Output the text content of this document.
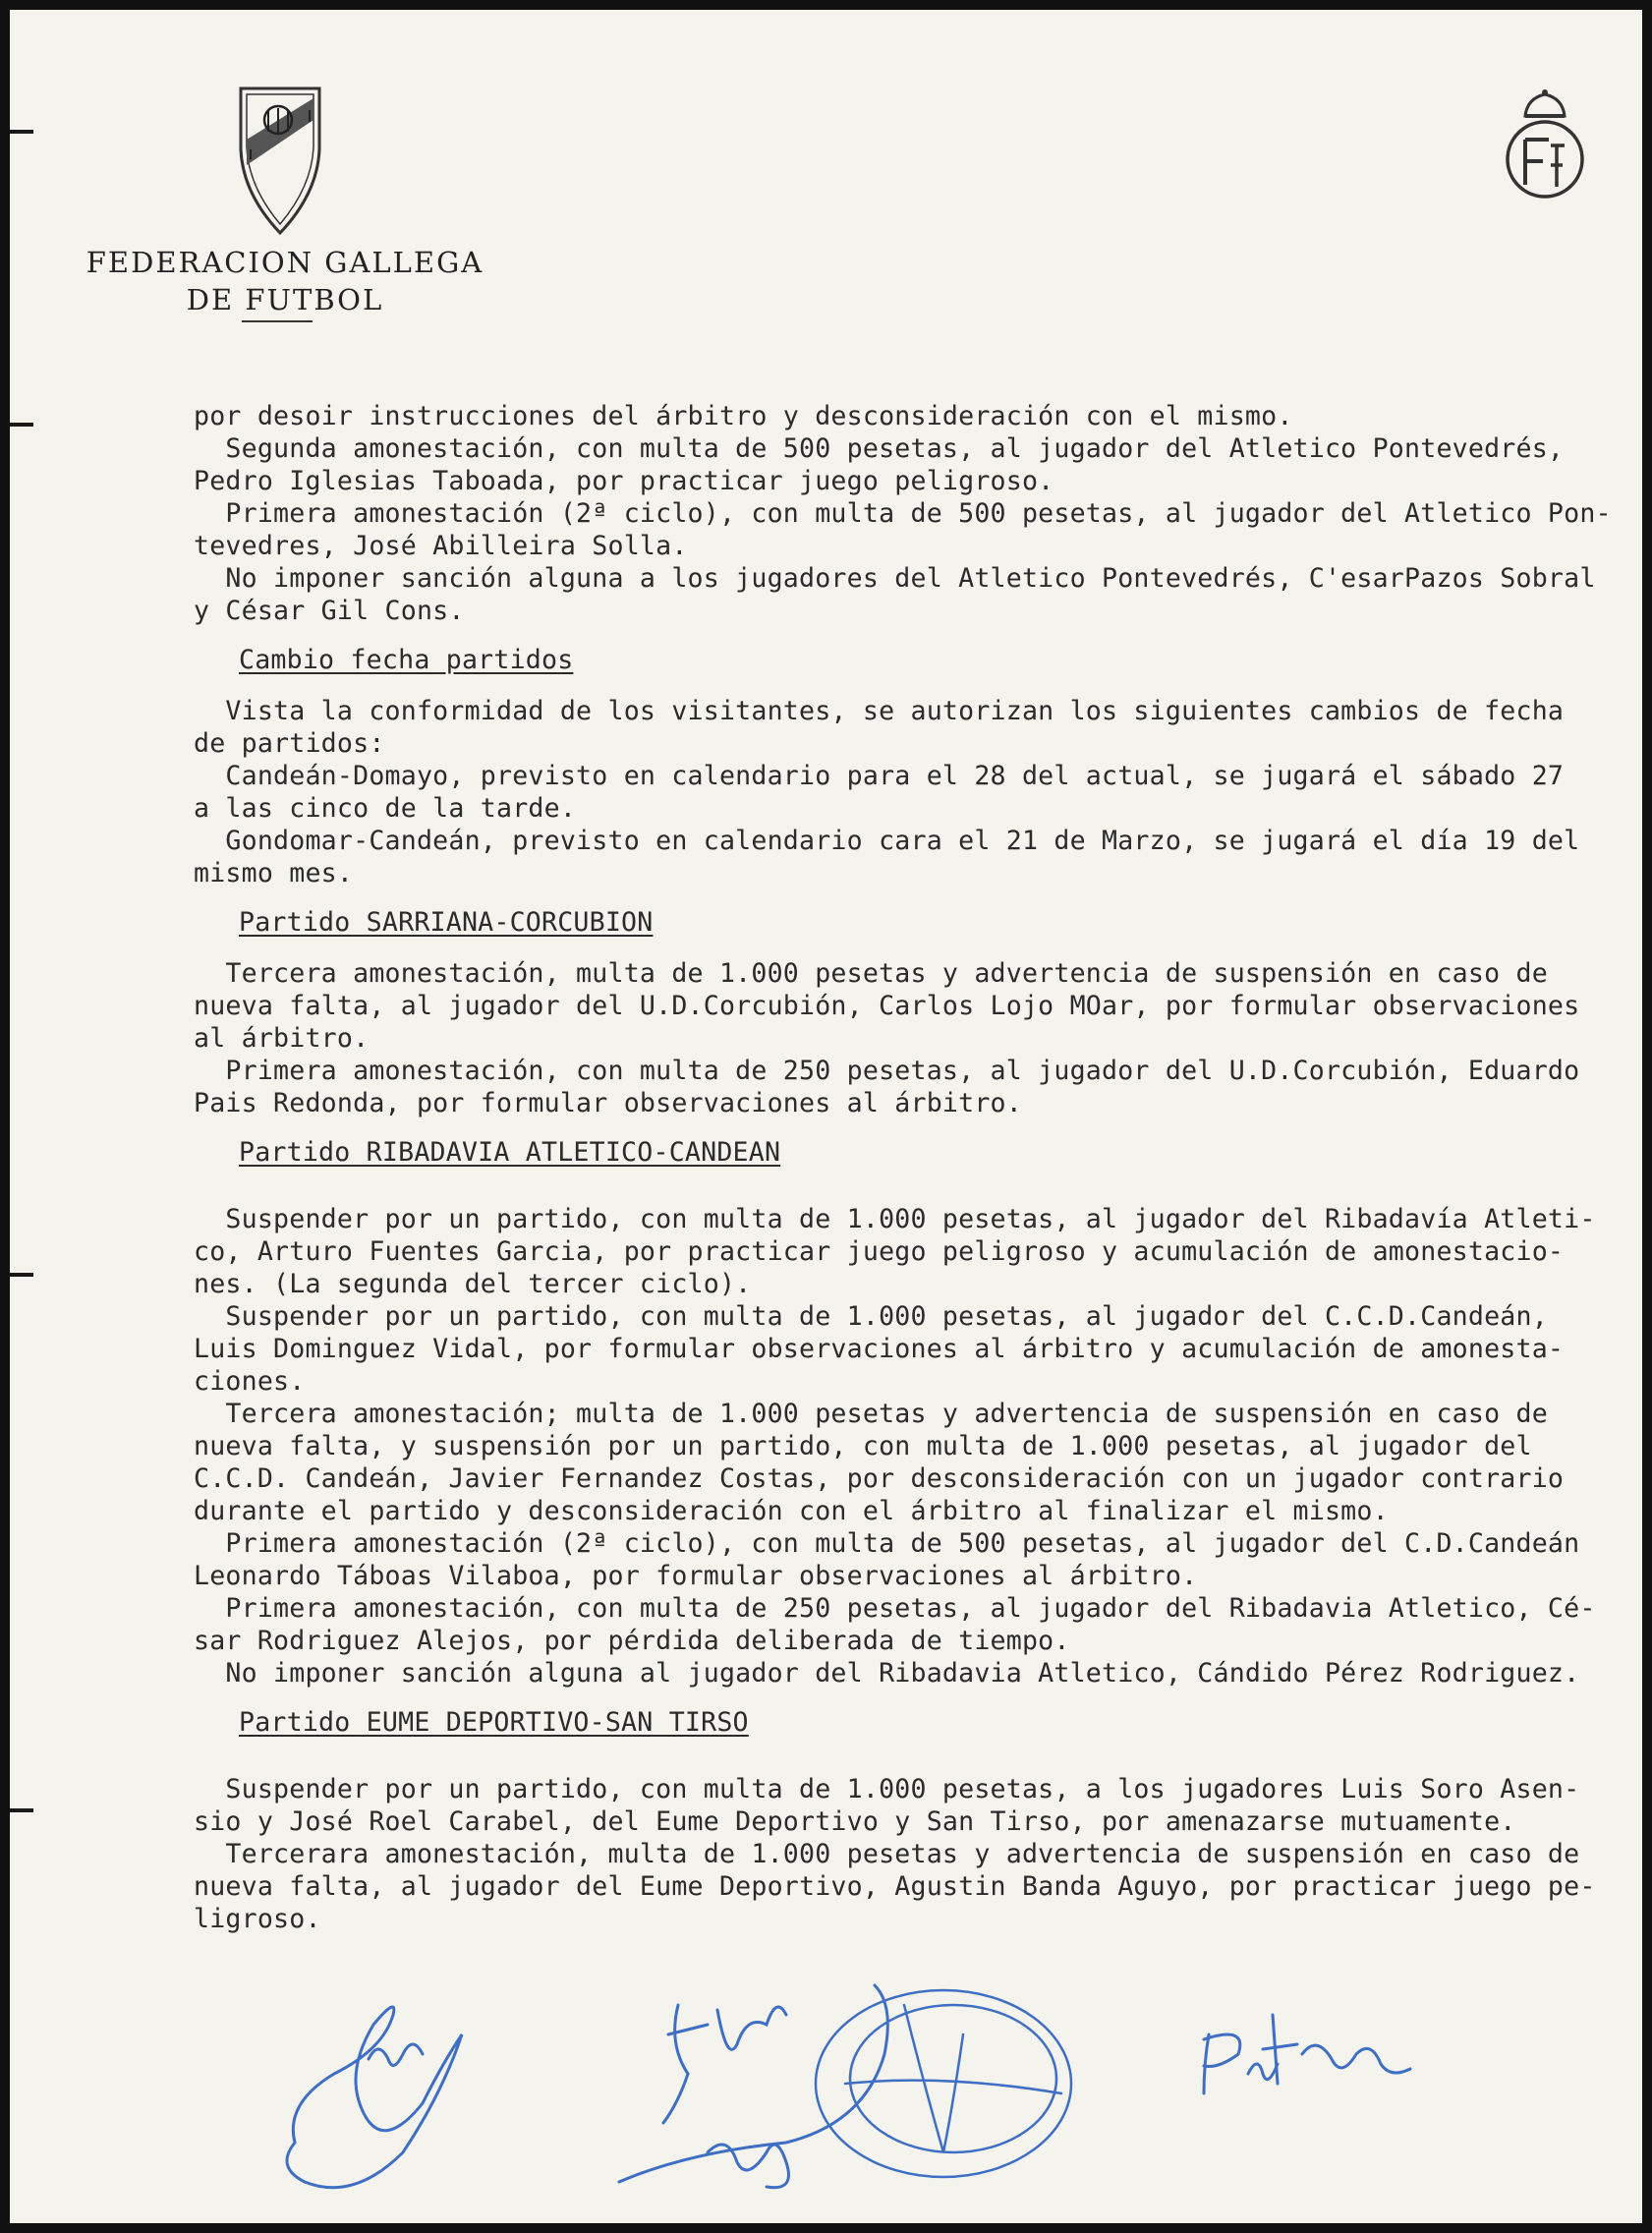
FEDERACION GALLEGA
DE FUTBOL

por desoir instrucciones del árbitro y desconsideración con el mismo.

Segunda amonestación, con multa de 500 pesetas, al jugador del Atletico Pontevedrés,

Pedro Iglesias Taboada, por practicar juego peligroso.

Primera amonestación (2ª ciclo), con multa de 500 pesetas, al jugador del Atletico Pon-

tevedres, José Abilleira Solla.

No imponer sanción alguna a los jugadores del Atletico Pontevedrés, C'esarPazos Sobral

y César Gil Cons.

Cambio fecha partidos

Vista la conformidad de los visitantes, se autorizan los siguientes cambios de fecha

de partidos:

Candeán-Domayo, previsto en calendario para el 28 del actual, se jugará el sábado 27

a las cinco de la tarde.

Gondomar-Candeán, previsto en calendario cara el 21 de Marzo, se jugará el día 19 del

mismo mes.

Partido SARRIANA-CORCUBION

Tercera amonestación, multa de 1.000 pesetas y advertencia de suspensión en caso de

nueva falta, al jugador del U.D.Corcubión, Carlos Lojo MOar, por formular observaciones

al árbitro.

Primera amonestación, con multa de 250 pesetas, al jugador del U.D.Corcubión, Eduardo

Pais Redonda, por formular observaciones al árbitro.

Partido RIBADAVIA ATLETICO-CANDEAN

Suspender por un partido, con multa de 1.000 pesetas, al jugador del Ribadavía Atleti-

co, Arturo Fuentes Garcia, por practicar juego peligroso y acumulación de amonestacio-

nes. (La segunda del tercer ciclo).

Suspender por un partido, con multa de 1.000 pesetas, al jugador del C.C.D.Candeán,

Luis Dominguez Vidal, por formular observaciones al árbitro y acumulación de amonesta-

ciones.

Tercera amonestación; multa de 1.000 pesetas y advertencia de suspensión en caso de

nueva falta, y suspensión por un partido, con multa de 1.000 pesetas, al jugador del

C.C.D. Candeán, Javier Fernandez Costas, por desconsideración con un jugador contrario

durante el partido y desconsideración con el árbitro al finalizar el mismo.

Primera amonestación (2ª ciclo), con multa de 500 pesetas, al jugador del C.D.Candeán

Leonardo Táboas Vilaboa, por formular observaciones al árbitro.

Primera amonestación, con multa de 250 pesetas, al jugador del Ribadavia Atletico, Cé-

sar Rodriguez Alejos, por pérdida deliberada de tiempo.

No imponer sanción alguna al jugador del Ribadavia Atletico, Cándido Pérez Rodriguez.

Partido EUME DEPORTIVO-SAN TIRSO

Suspender por un partido, con multa de 1.000 pesetas, a los jugadores Luis Soro Asen-

sio y José Roel Carabel, del Eume Deportivo y San Tirso, por amenazarse mutuamente.

Tercerara amonestación, multa de 1.000 pesetas y advertencia de suspensión en caso de

nueva falta, al jugador del Eume Deportivo, Agustin Banda Aguyo, por practicar juego pe-

ligroso.
